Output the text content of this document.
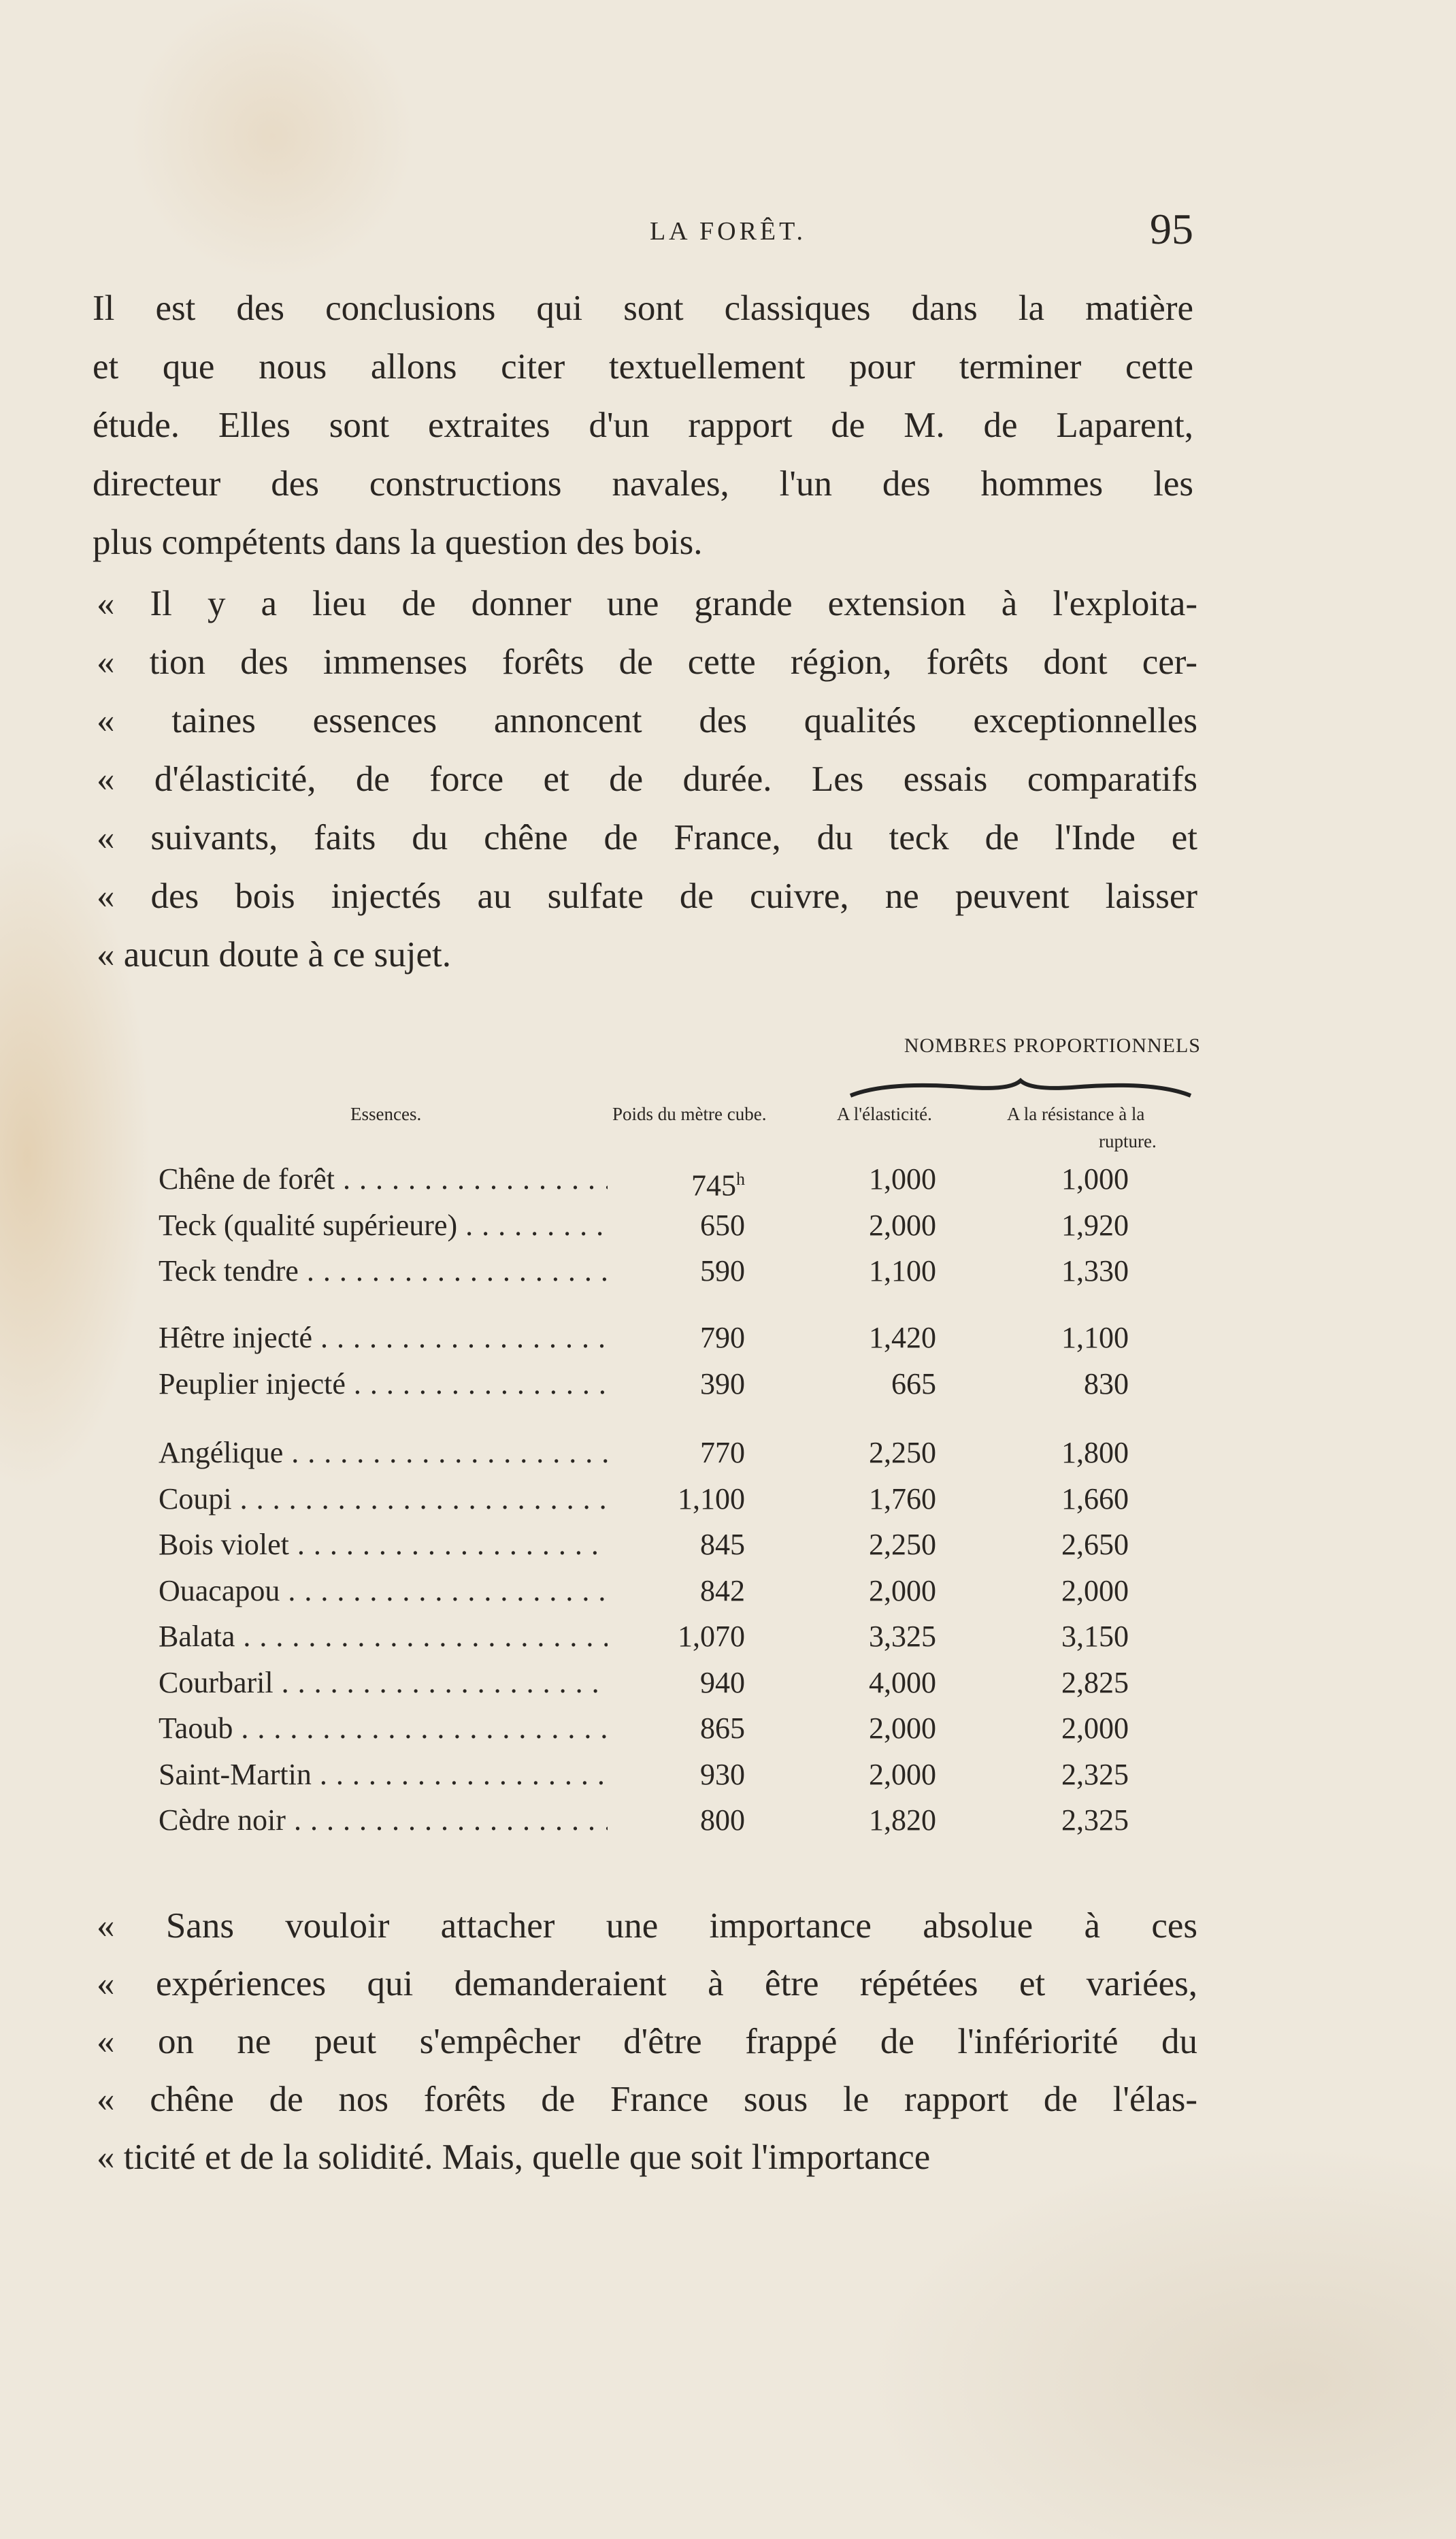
LA FORÊT.	95
Il est des conclusions qui sont classiques dans la matière
et que nous allons citer textuellement pour terminer cette
étude. Elles sont extraites d'un rapport de M. de Laparent,
directeur des constructions navales, l'un des hommes les
plus compétents dans la question des bois.
« Il y a lieu de donner une grande extension à l'exploita-
« tion des immenses forêts de cette région, forêts dont cer-
« taines essences annoncent des qualités exceptionnelles
« d'élasticité, de force et de durée. Les essais comparatifs
« suivants, faits du chêne de France, du teck de l'Inde et
« des bois injectés au sulfate de cuivre, ne peuvent laisser
« aucun doute à ce sujet.
NOMBRES PROPORTIONNELS
Essences.	Poids du mètre cube.	A l'élasticité.	A la résistance à la
rupture.
Chêne de forêt . . .	745$^h$	1,000	1,000
Teck (qualité supérieure) . . .	650	2,000	1,920
Teck tendre . . .	590	1,100	1,330
Hêtre injecté . . .	790	1,420	1,100
Peuplier injecté . . .	390	665	830
Angélique . . .	770	2,250	1,800
Coupi . . .	1,100	1,760	1,660
Bois violet . . .	845	2,250	2,650
Ouacapou . . .	842	2,000	2,000
Balata . . .	1,070	3,325	3,150
Courbaril . . .	940	4,000	2,825
Taoub . . .	865	2,000	2,000
Saint-Martin . . .	930	2,000	2,325
Cèdre noir . . .	800	1,820	2,325
« Sans vouloir attacher une importance absolue à ces
« expériences qui demanderaient à être répétées et variées,
« on ne peut s'empêcher d'être frappé de l'infériorité du
« chêne de nos forêts de France sous le rapport de l'élas-
« ticité et de la solidité. Mais, quelle que soit l'importance
